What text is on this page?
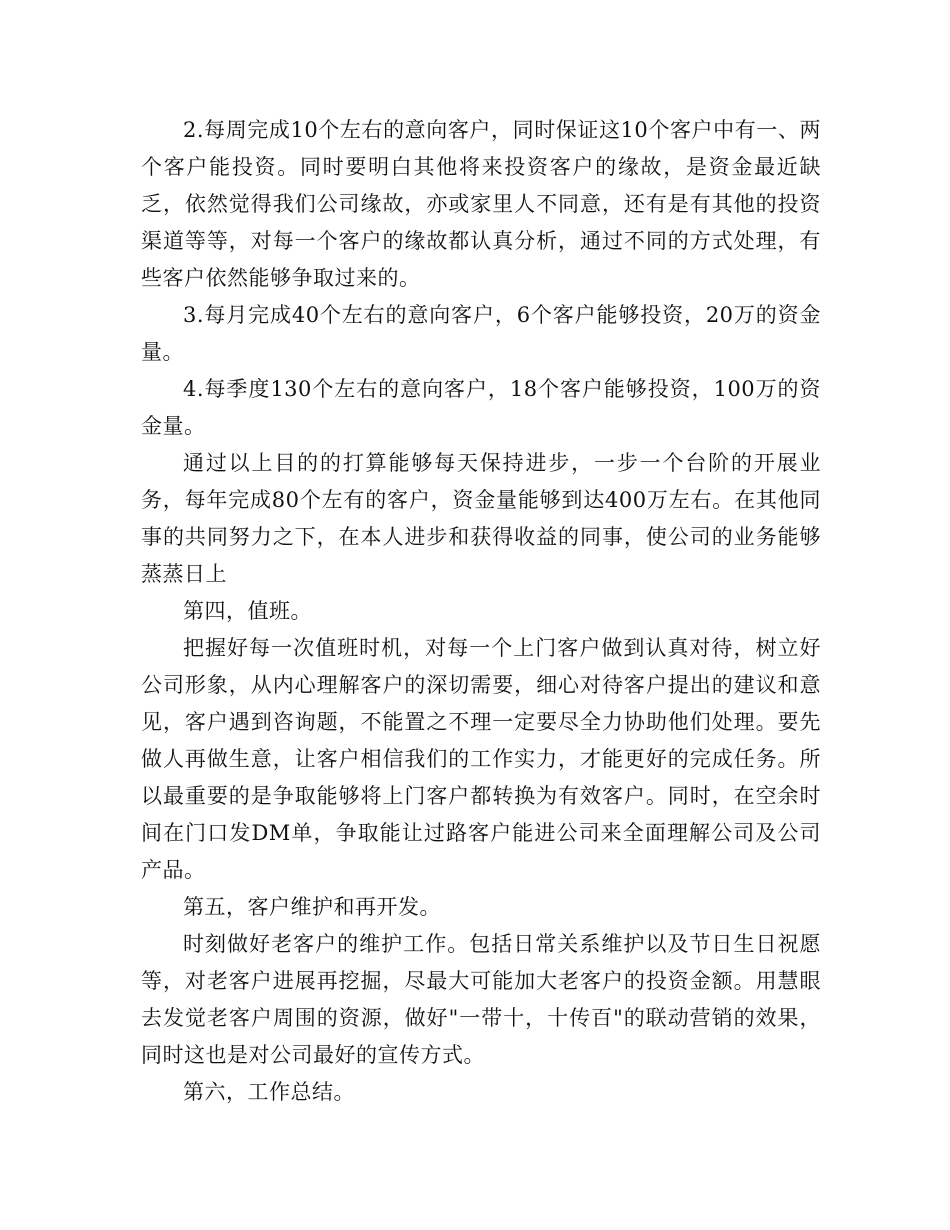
2.每周完成10个左右的意向客户，同时保证这10个客户中有一、两个客户能投资。同时要明白其他将来投资客户的缘故，是资金最近缺乏，依然觉得我们公司缘故，亦或家里人不同意，还有是有其他的投资渠道等等，对每一个客户的缘故都认真分析，通过不同的方式处理，有些客户依然能够争取过来的。

3.每月完成40个左右的意向客户，6个客户能够投资，20万的资金量。

4.每季度130个左右的意向客户，18个客户能够投资，100万的资金量。

通过以上目的的打算能够每天保持进步，一步一个台阶的开展业务，每年完成80个左有的客户，资金量能够到达400万左右。在其他同事的共同努力之下，在本人进步和获得收益的同事，使公司的业务能够蒸蒸日上

第四，值班。

把握好每一次值班时机，对每一个上门客户做到认真对待，树立好公司形象，从内心理解客户的深切需要，细心对待客户提出的建议和意见，客户遇到咨询题，不能置之不理一定要尽全力协助他们处理。要先做人再做生意，让客户相信我们的工作实力，才能更好的完成任务。所以最重要的是争取能够将上门客户都转换为有效客户。同时，在空余时间在门口发DM单，争取能让过路客户能进公司来全面理解公司及公司产品。

第五，客户维护和再开发。

时刻做好老客户的维护工作。包括日常关系维护以及节日生日祝愿等，对老客户进展再挖掘，尽最大可能加大老客户的投资金额。用慧眼去发觉老客户周围的资源，做好"一带十，十传百"的联动营销的效果，同时这也是对公司最好的宣传方式。

第六，工作总结。
